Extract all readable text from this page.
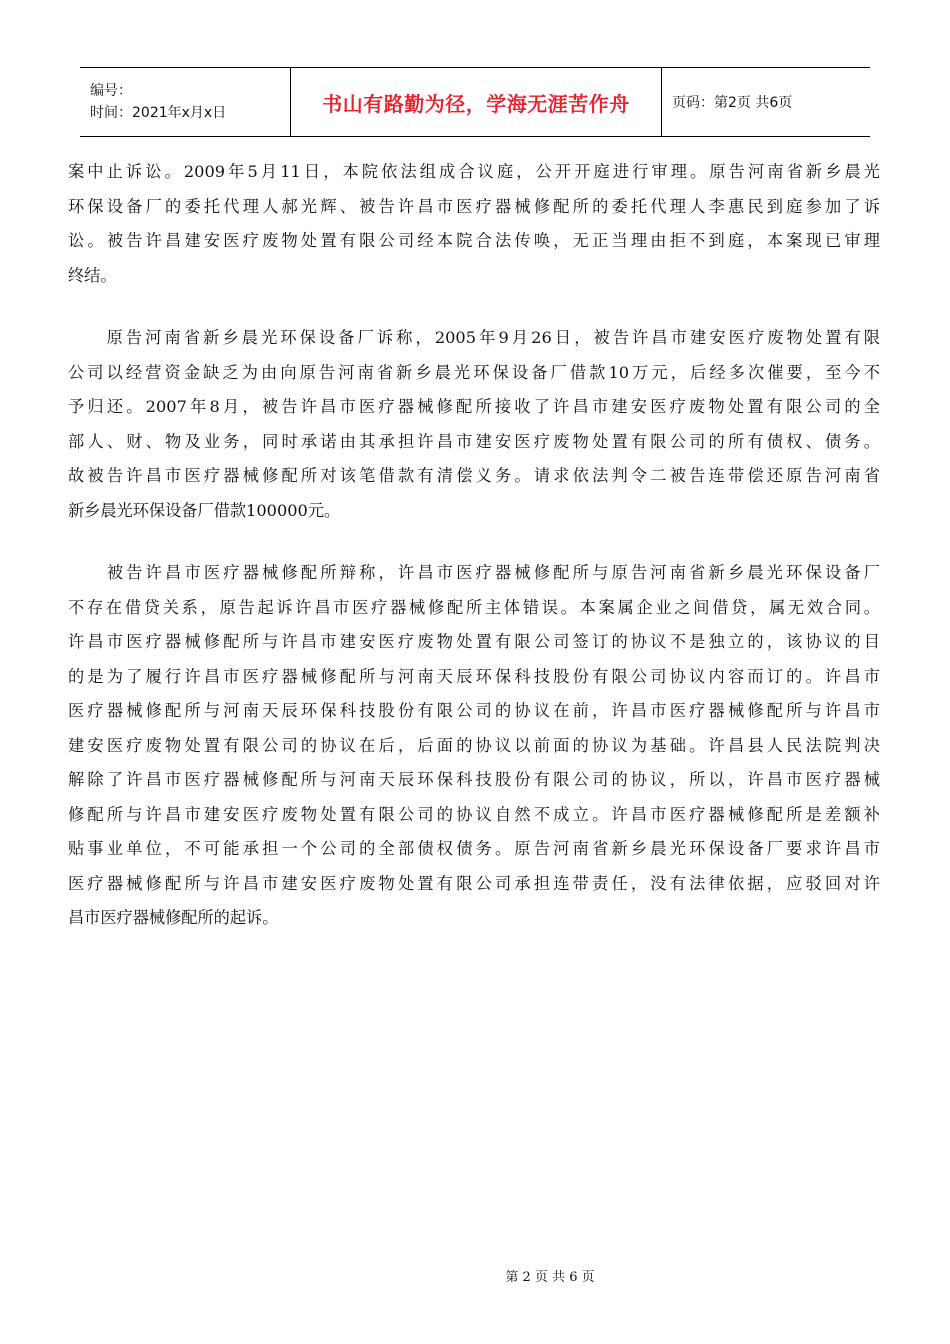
编号：
时间：2021年x月x日	书山有路勤为径，学海无涯苦作舟	页码：第2页 共6页

案中止诉讼。2009年5月11日，本院依法组成合议庭，公开开庭进行审理。原告河南省新乡晨光
环保设备厂的委托代理人郝光辉、被告许昌市医疗器械修配所的委托代理人李惠民到庭参加了诉
讼。被告许昌建安医疗废物处置有限公司经本院合法传唤，无正当理由拒不到庭，本案现已审理
终结。

　　原告河南省新乡晨光环保设备厂诉称，2005年9月26日，被告许昌市建安医疗废物处置有限
公司以经营资金缺乏为由向原告河南省新乡晨光环保设备厂借款10万元，后经多次催要，至今不
予归还。2007年8月，被告许昌市医疗器械修配所接收了许昌市建安医疗废物处置有限公司的全
部人、财、物及业务，同时承诺由其承担许昌市建安医疗废物处置有限公司的所有债权、债务。
故被告许昌市医疗器械修配所对该笔借款有清偿义务。请求依法判令二被告连带偿还原告河南省
新乡晨光环保设备厂借款100000元。

　　被告许昌市医疗器械修配所辩称，许昌市医疗器械修配所与原告河南省新乡晨光环保设备厂
不存在借贷关系，原告起诉许昌市医疗器械修配所主体错误。本案属企业之间借贷，属无效合同。
许昌市医疗器械修配所与许昌市建安医疗废物处置有限公司签订的协议不是独立的，该协议的目
的是为了履行许昌市医疗器械修配所与河南天辰环保科技股份有限公司协议内容而订的。许昌市
医疗器械修配所与河南天辰环保科技股份有限公司的协议在前，许昌市医疗器械修配所与许昌市
建安医疗废物处置有限公司的协议在后，后面的协议以前面的协议为基础。许昌县人民法院判决
解除了许昌市医疗器械修配所与河南天辰环保科技股份有限公司的协议，所以，许昌市医疗器械
修配所与许昌市建安医疗废物处置有限公司的协议自然不成立。许昌市医疗器械修配所是差额补
贴事业单位，不可能承担一个公司的全部债权债务。原告河南省新乡晨光环保设备厂要求许昌市
医疗器械修配所与许昌市建安医疗废物处置有限公司承担连带责任，没有法律依据，应驳回对许
昌市医疗器械修配所的起诉。

第 2 页 共 6 页
